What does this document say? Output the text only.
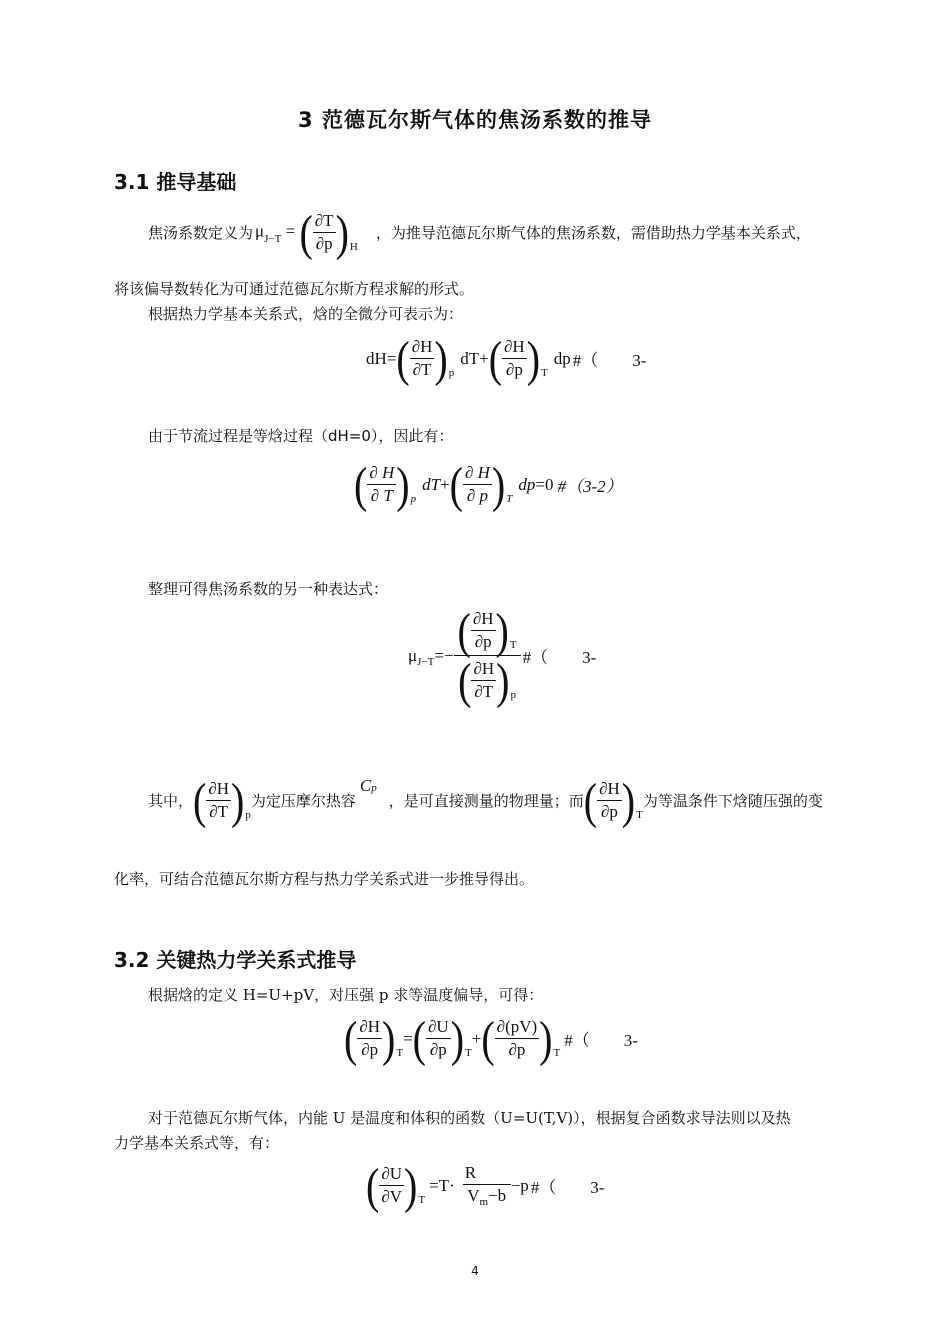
3 范德瓦尔斯气体的焦汤系数的推导
3.1 推导基础
焦汤系数定义为 $\mu_{J-T}$ = ( $\frac{\partial T}{\partial p}$ ) $_H$
，为推导范德瓦尔斯气体的焦汤系数，需借助热力学基本关系式，
将该偏导数转化为可通过范德瓦尔斯方程求解的形式。
根据热力学基本关系式，焓的全微分可表示为：
dH= ( $\frac{\partial H}{\partial T}$ ) p
dT+ ( $\frac{\partial H}{\partial p}$ ) T
dp #（　　3-
由于节流过程是等焓过程（dH=0），因此有：
( $\frac{\partial H}{\partial T}$ ) p
dT + ( $\frac{\partial H}{\partial p}$ ) T
dp =0 #（3-2）
整理可得焦汤系数的另一种表达式：
μ $J-T =- \frac{( \frac{\partial H}{\partial p} ) _T}{( \frac{\partial H}{\partial T} ) _p}$ #（　　3-
其中， ( $\frac{\partial H}{\partial T}$ ) $_p$
为定压摩尔热容
Cp
，是可直接测量的物理量；而 ( $\frac{\partial H}{\partial p}$ ) $_T$
为等温条件下焓随压强的变
化率，可结合范德瓦尔斯方程与热力学关系式进一步推导得出。
3.2 关键热力学关系式推导
根据焓的定义 H=U+pV，对压强 p 求等温度偏导，可得：
( $\frac{\partial H}{\partial p}$ ) T
= ( $\frac{\partial U}{\partial p}$ ) T
+ ( $\frac{\partial(pV)}{\partial p}$ ) T
#（　　3-
对于范德瓦尔斯气体，内能 U 是温度和体积的函数（U=U(T,V)），根据复合函数求导法则以及热
力学基本关系式等，有：
( $\frac{\partial U}{\partial V}$ ) T
$=T\cdot \frac{R}{V_m-b} -p$ #（　　3-
4
